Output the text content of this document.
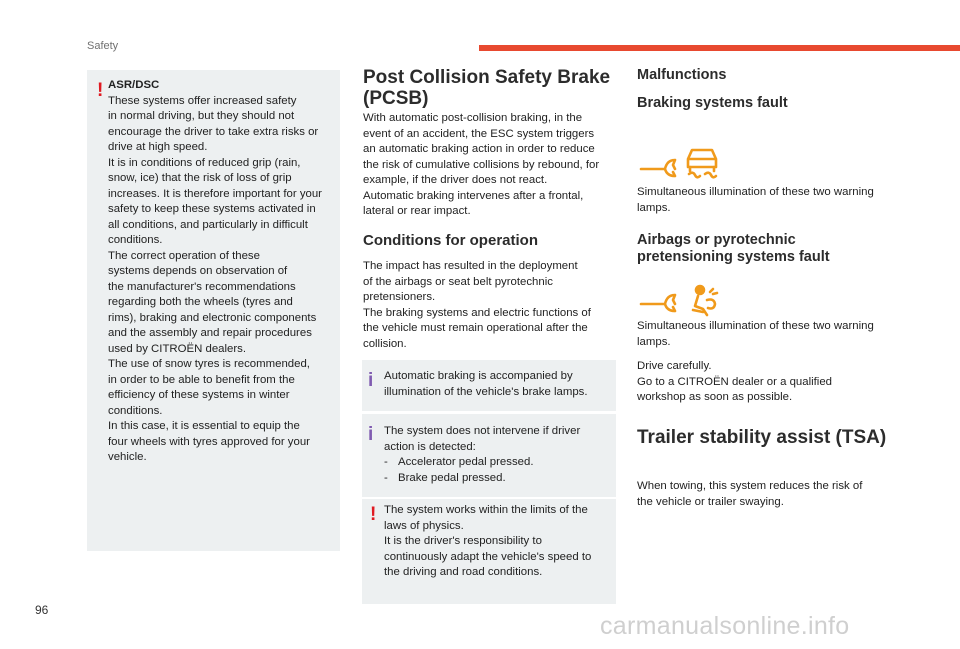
Safety
! ASR/DSC
These systems offer increased safety
in normal driving, but they should not
encourage the driver to take extra risks or
drive at high speed.
It is in conditions of reduced grip (rain,
snow, ice) that the risk of loss of grip
increases. It is therefore important for your
safety to keep these systems activated in
all conditions, and particularly in difficult
conditions.
The correct operation of these
systems depends on observation of
the manufacturer's recommendations
regarding both the wheels (tyres and
rims), braking and electronic components
and the assembly and repair procedures
used by CITROËN dealers.
The use of snow tyres is recommended,
in order to be able to benefit from the
efficiency of these systems in winter
conditions.
In this case, it is essential to equip the
four wheels with tyres approved for your
vehicle.
Post Collision Safety Brake
(PCSB)
With automatic post-collision braking, in the
event of an accident, the ESC system triggers
an automatic braking action in order to reduce
the risk of cumulative collisions by rebound, for
example, if the driver does not react.
Automatic braking intervenes after a frontal,
lateral or rear impact.
Conditions for operation
The impact has resulted in the deployment
of the airbags or seat belt pyrotechnic
pretensioners.
The braking systems and electric functions of
the vehicle must remain operational after the
collision.
i Automatic braking is accompanied by
illumination of the vehicle's brake lamps.
i The system does not intervene if driver
action is detected:
- Accelerator pedal pressed.
- Brake pedal pressed.
! The system works within the limits of the
laws of physics.
It is the driver's responsibility to
continuously adapt the vehicle's speed to
the driving and road conditions.
Malfunctions
Braking systems fault
Simultaneous illumination of these two warning
lamps.
Airbags or pyrotechnic
pretensioning systems fault
Simultaneous illumination of these two warning
lamps.
Drive carefully.
Go to a CITROËN dealer or a qualified
workshop as soon as possible.
Trailer stability assist (TSA)
When towing, this system reduces the risk of
the vehicle or trailer swaying.
96
carmanualsonline.info
